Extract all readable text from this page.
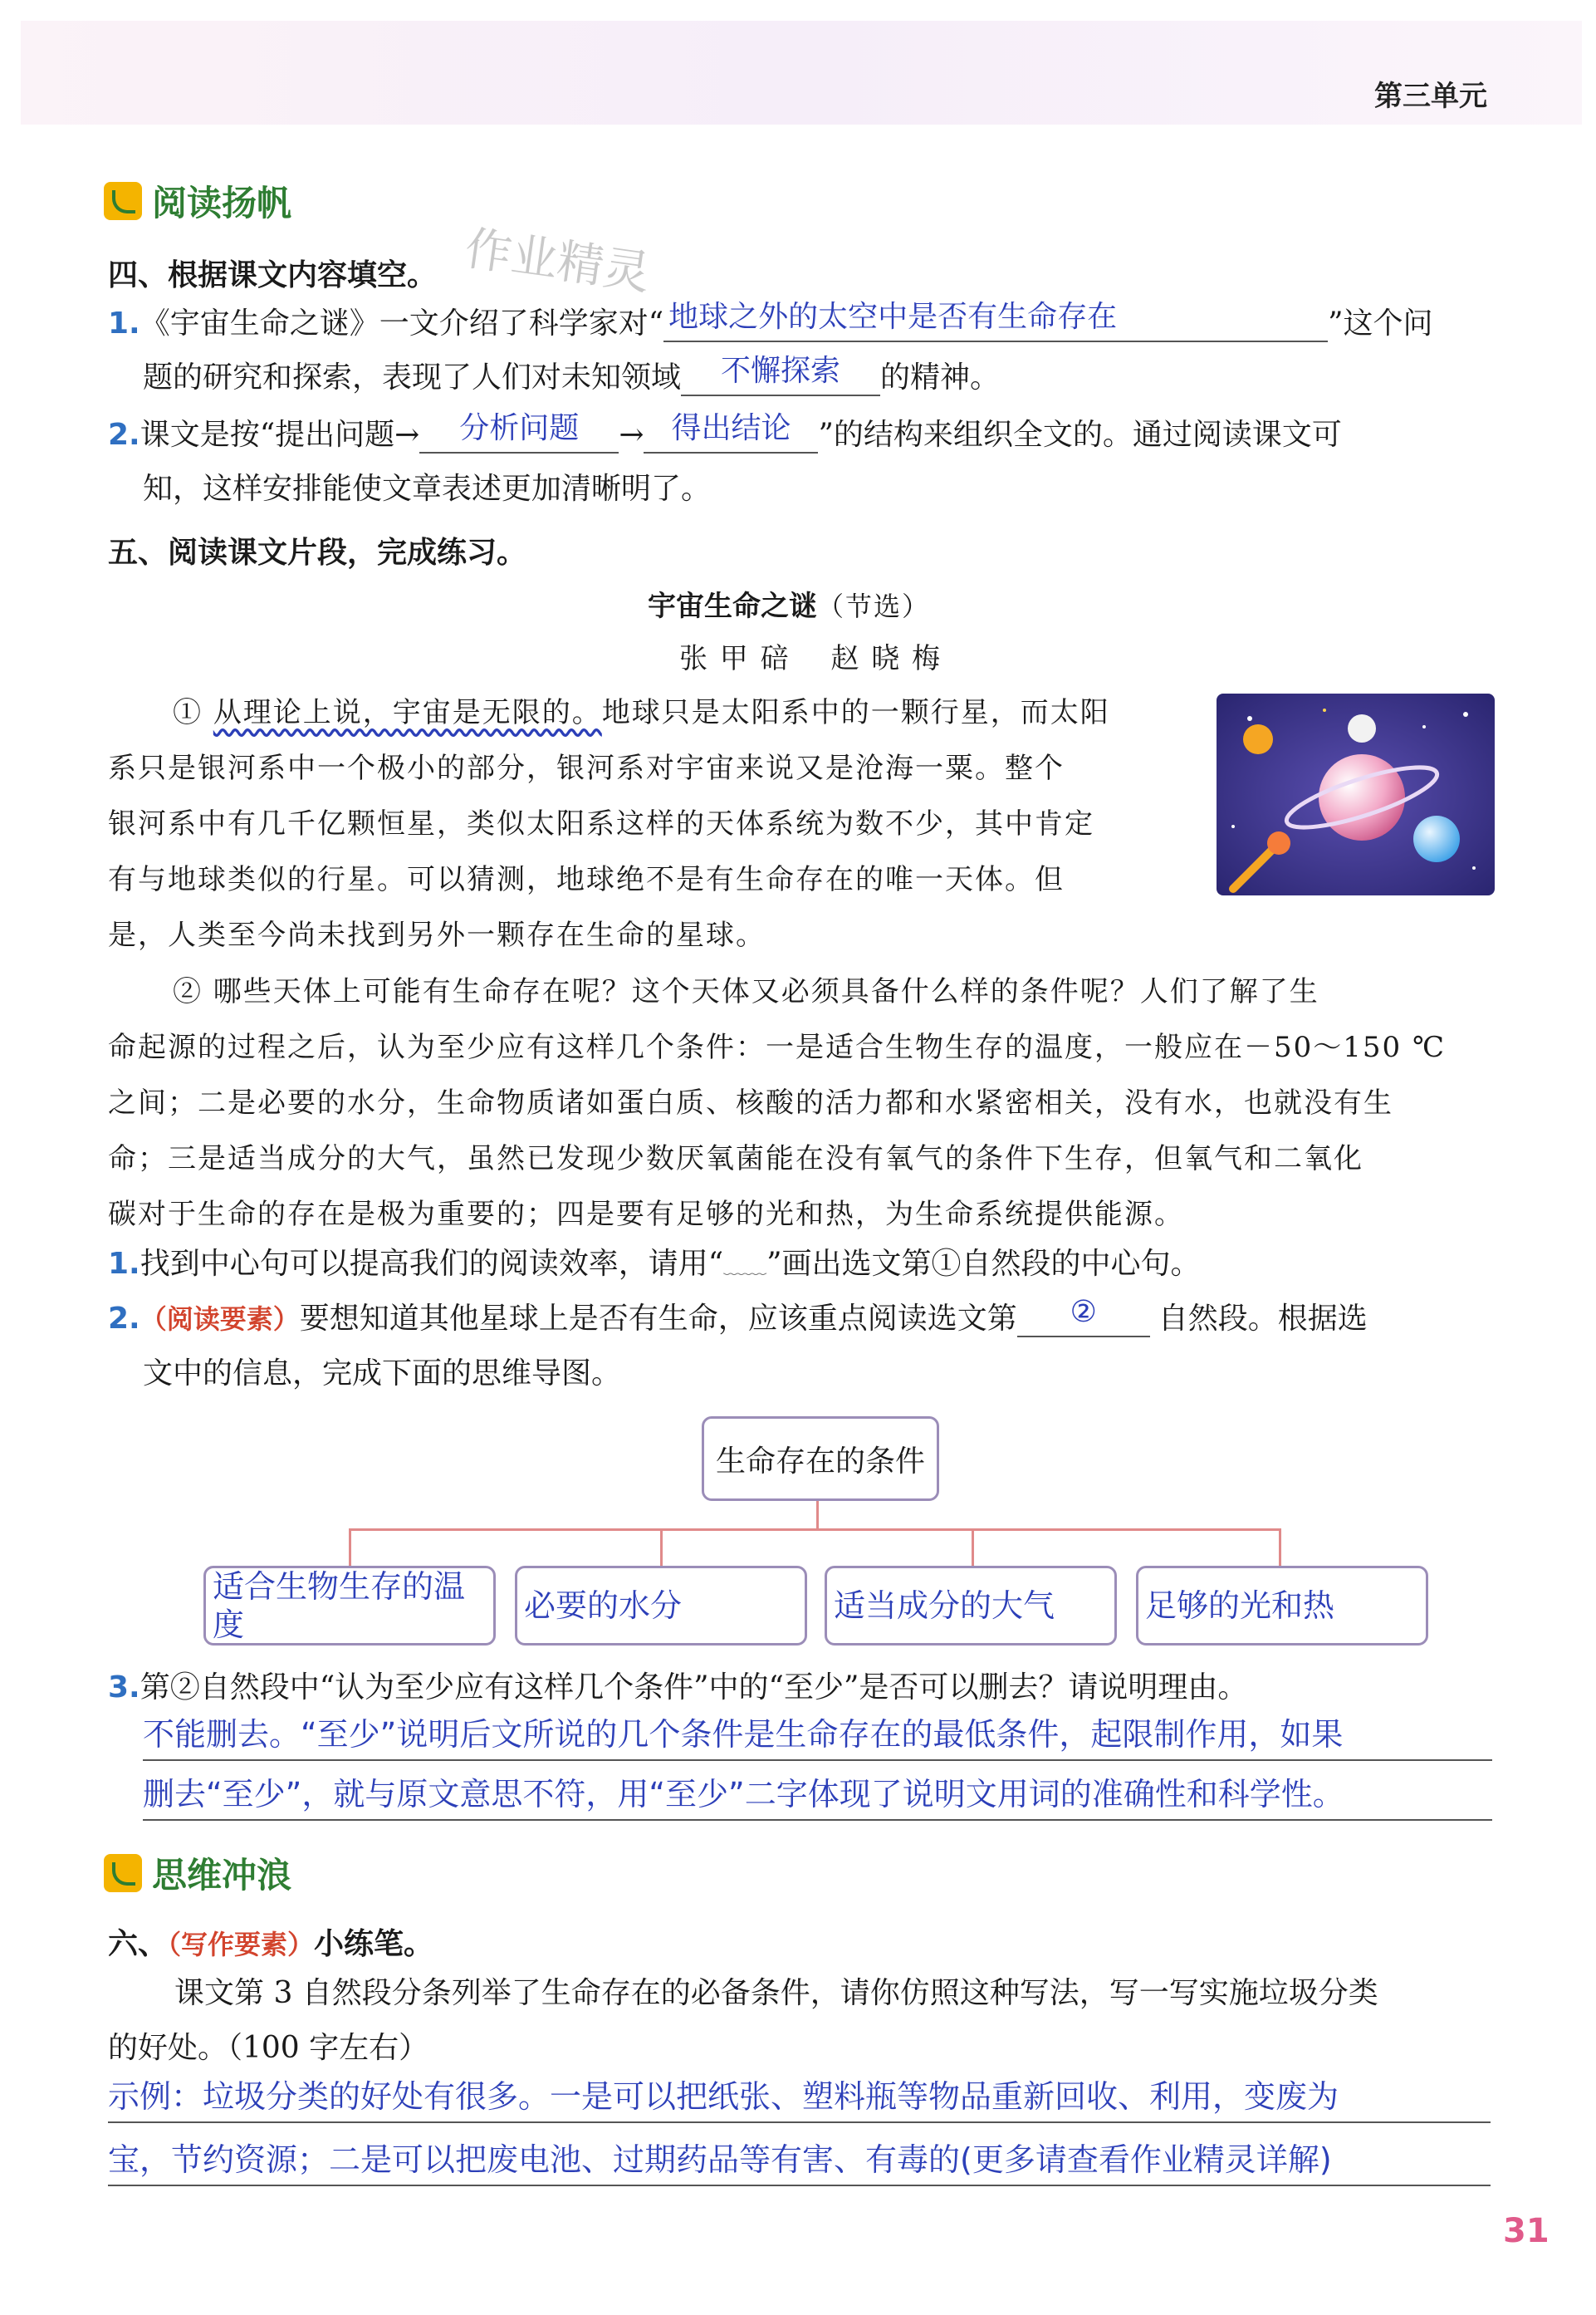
第三单元
阅读扬帆
作业精灵
四、根据课文内容填空。
1.《宇宙生命之谜》一文介绍了科学家对“ 地球之外的太空中是否有生命存在	”这个问
题的研究和探索，表现了人们对未知领域	不懈探索	的精神。
2.课文是按“提出问题→	分析问题	→ 得出结论 ”的结构来组织全文的。通过阅读课文可
知，这样安排能使文章表述更加清晰明了。
五、阅读课文片段，完成练习。
宇宙生命之谜（节选）
张 甲 碚　 赵 晓 梅
① 从理论上说，宇宙是无限的。地球只是太阳系中的一颗行星，而太阳
系只是银河系中一个极小的部分，银河系对宇宙来说又是沧海一粟。整个
银河系中有几千亿颗恒星，类似太阳系这样的天体系统为数不少，其中肯定
有与地球类似的行星。可以猜测，地球绝不是有生命存在的唯一天体。但
是，人类至今尚未找到另外一颗存在生命的星球。
② 哪些天体上可能有生命存在呢？这个天体又必须具备什么样的条件呢？人们了解了生
命起源的过程之后，认为至少应有这样几个条件：一是适合生物生存的温度，一般应在－50～150 ℃
之间；二是必要的水分，生命物质诸如蛋白质、核酸的活力都和水紧密相关，没有水，也就没有生
命；三是适当成分的大气，虽然已发现少数厌氧菌能在没有氧气的条件下生存，但氧气和二氧化
碳对于生命的存在是极为重要的；四是要有足够的光和热，为生命系统提供能源。
1.找到中心句可以提高我们的阅读效率，请用“﹏﹏”画出选文第①自然段的中心句。
2.（阅读要素）要想知道其他星球上是否有生命，应该重点阅读选文第	②	自然段。根据选
文中的信息，完成下面的思维导图。
生命存在的条件
适合生物生存的温度
必要的水分	适当成分的大气	足够的光和热
3.第②自然段中“认为至少应有这样几个条件”中的“至少”是否可以删去？请说明理由。
不能删去。“至少”说明后文所说的几个条件是生命存在的最低条件，起限制作用，如果
删去“至少”，就与原文意思不符，用“至少”二字体现了说明文用词的准确性和科学性。
思维冲浪
六、（写作要素）小练笔。
课文第 3 自然段分条列举了生命存在的必备条件，请你仿照这种写法，写一写实施垃圾分类
的好处。（100 字左右）
示例：垃圾分类的好处有很多。一是可以把纸张、塑料瓶等物品重新回收、利用，变废为
宝，节约资源；二是可以把废电池、过期药品等有害、有毒的(更多请查看作业精灵详解)
31
